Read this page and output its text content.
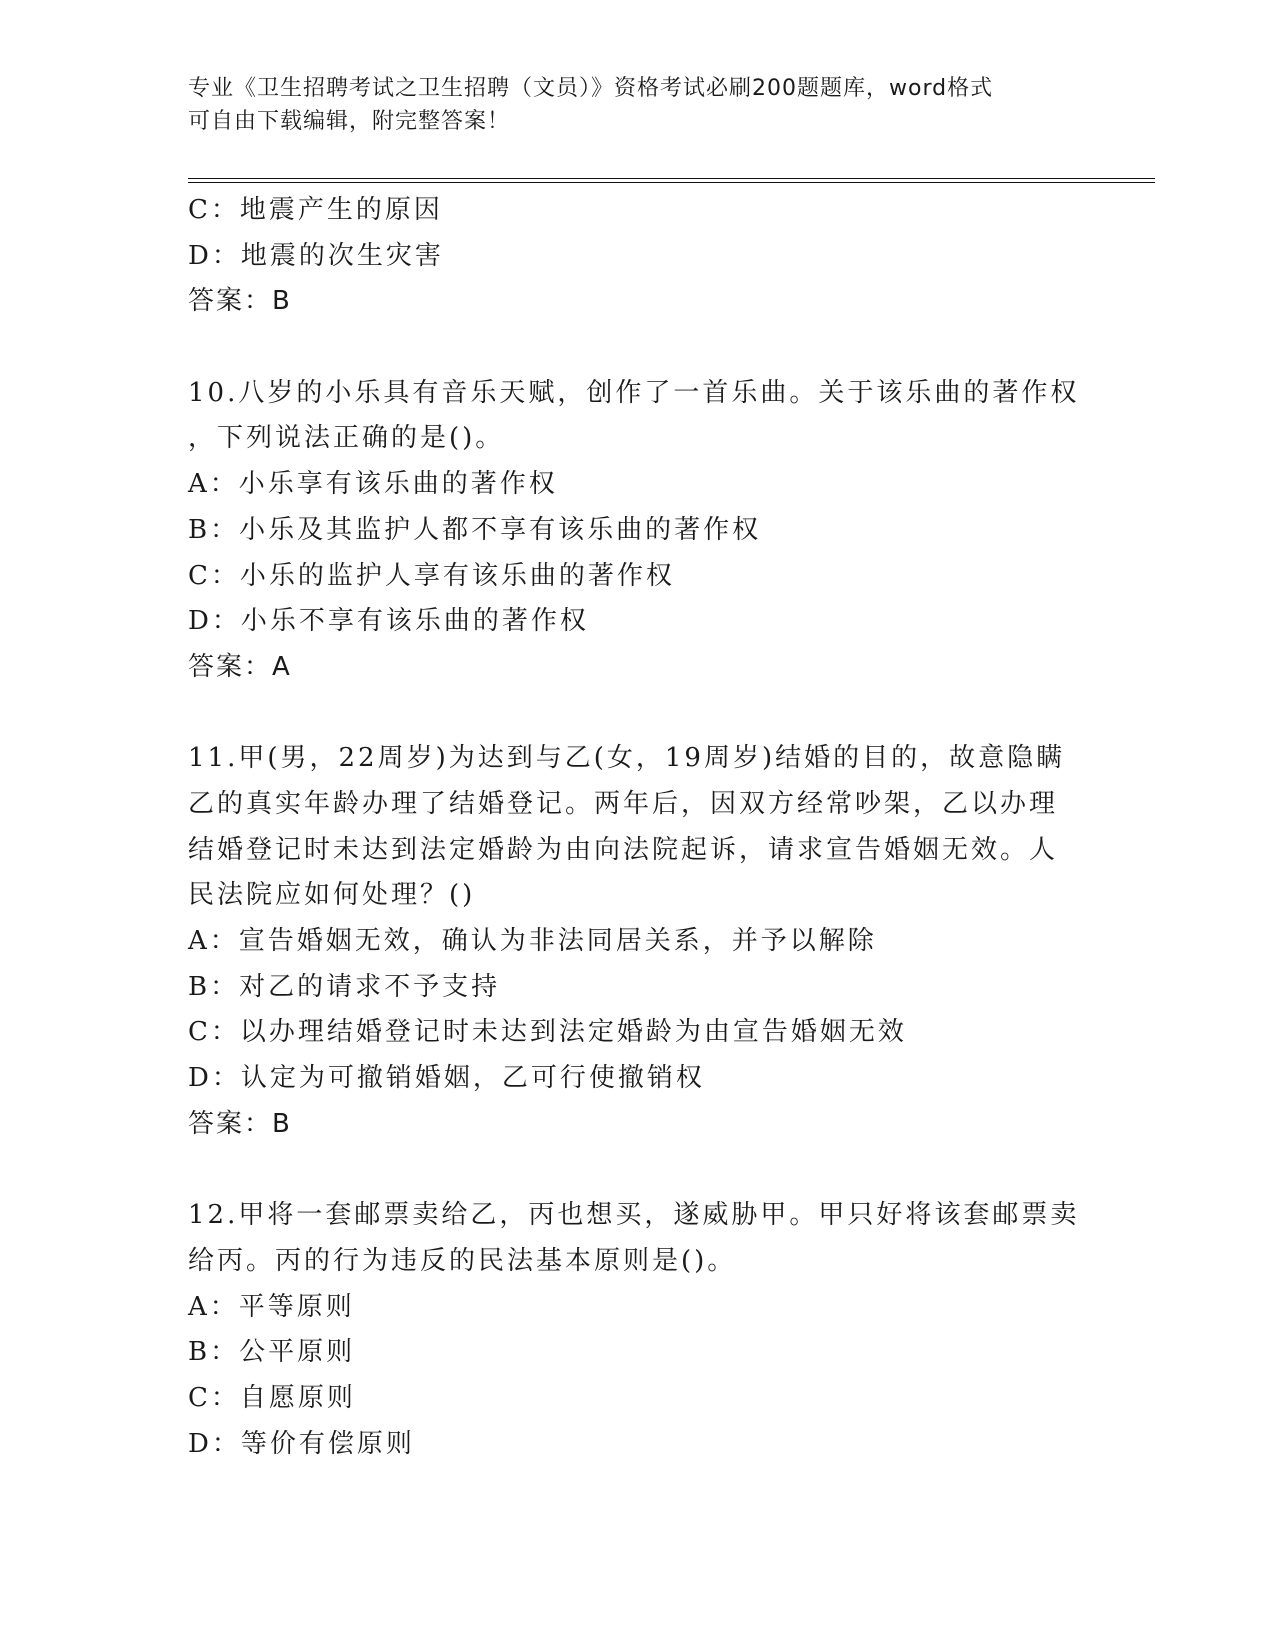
专业《卫生招聘考试之卫生招聘（文员）》资格考试必刷200题题库，word格式
可自由下载编辑，附完整答案！
C：地震产生的原因
D：地震的次生灾害
答案：B
10.八岁的小乐具有音乐天赋，创作了一首乐曲。关于该乐曲的著作权
，下列说法正确的是()。
A：小乐享有该乐曲的著作权
B：小乐及其监护人都不享有该乐曲的著作权
C：小乐的监护人享有该乐曲的著作权
D：小乐不享有该乐曲的著作权
答案：A
11.甲(男，22周岁)为达到与乙(女，19周岁)结婚的目的，故意隐瞒
乙的真实年龄办理了结婚登记。两年后，因双方经常吵架，乙以办理
结婚登记时未达到法定婚龄为由向法院起诉，请求宣告婚姻无效。人
民法院应如何处理？()
A：宣告婚姻无效，确认为非法同居关系，并予以解除
B：对乙的请求不予支持
C：以办理结婚登记时未达到法定婚龄为由宣告婚姻无效
D：认定为可撤销婚姻，乙可行使撤销权
答案：B
12.甲将一套邮票卖给乙，丙也想买，遂威胁甲。甲只好将该套邮票卖
给丙。丙的行为违反的民法基本原则是()。
A：平等原则
B：公平原则
C：自愿原则
D：等价有偿原则
